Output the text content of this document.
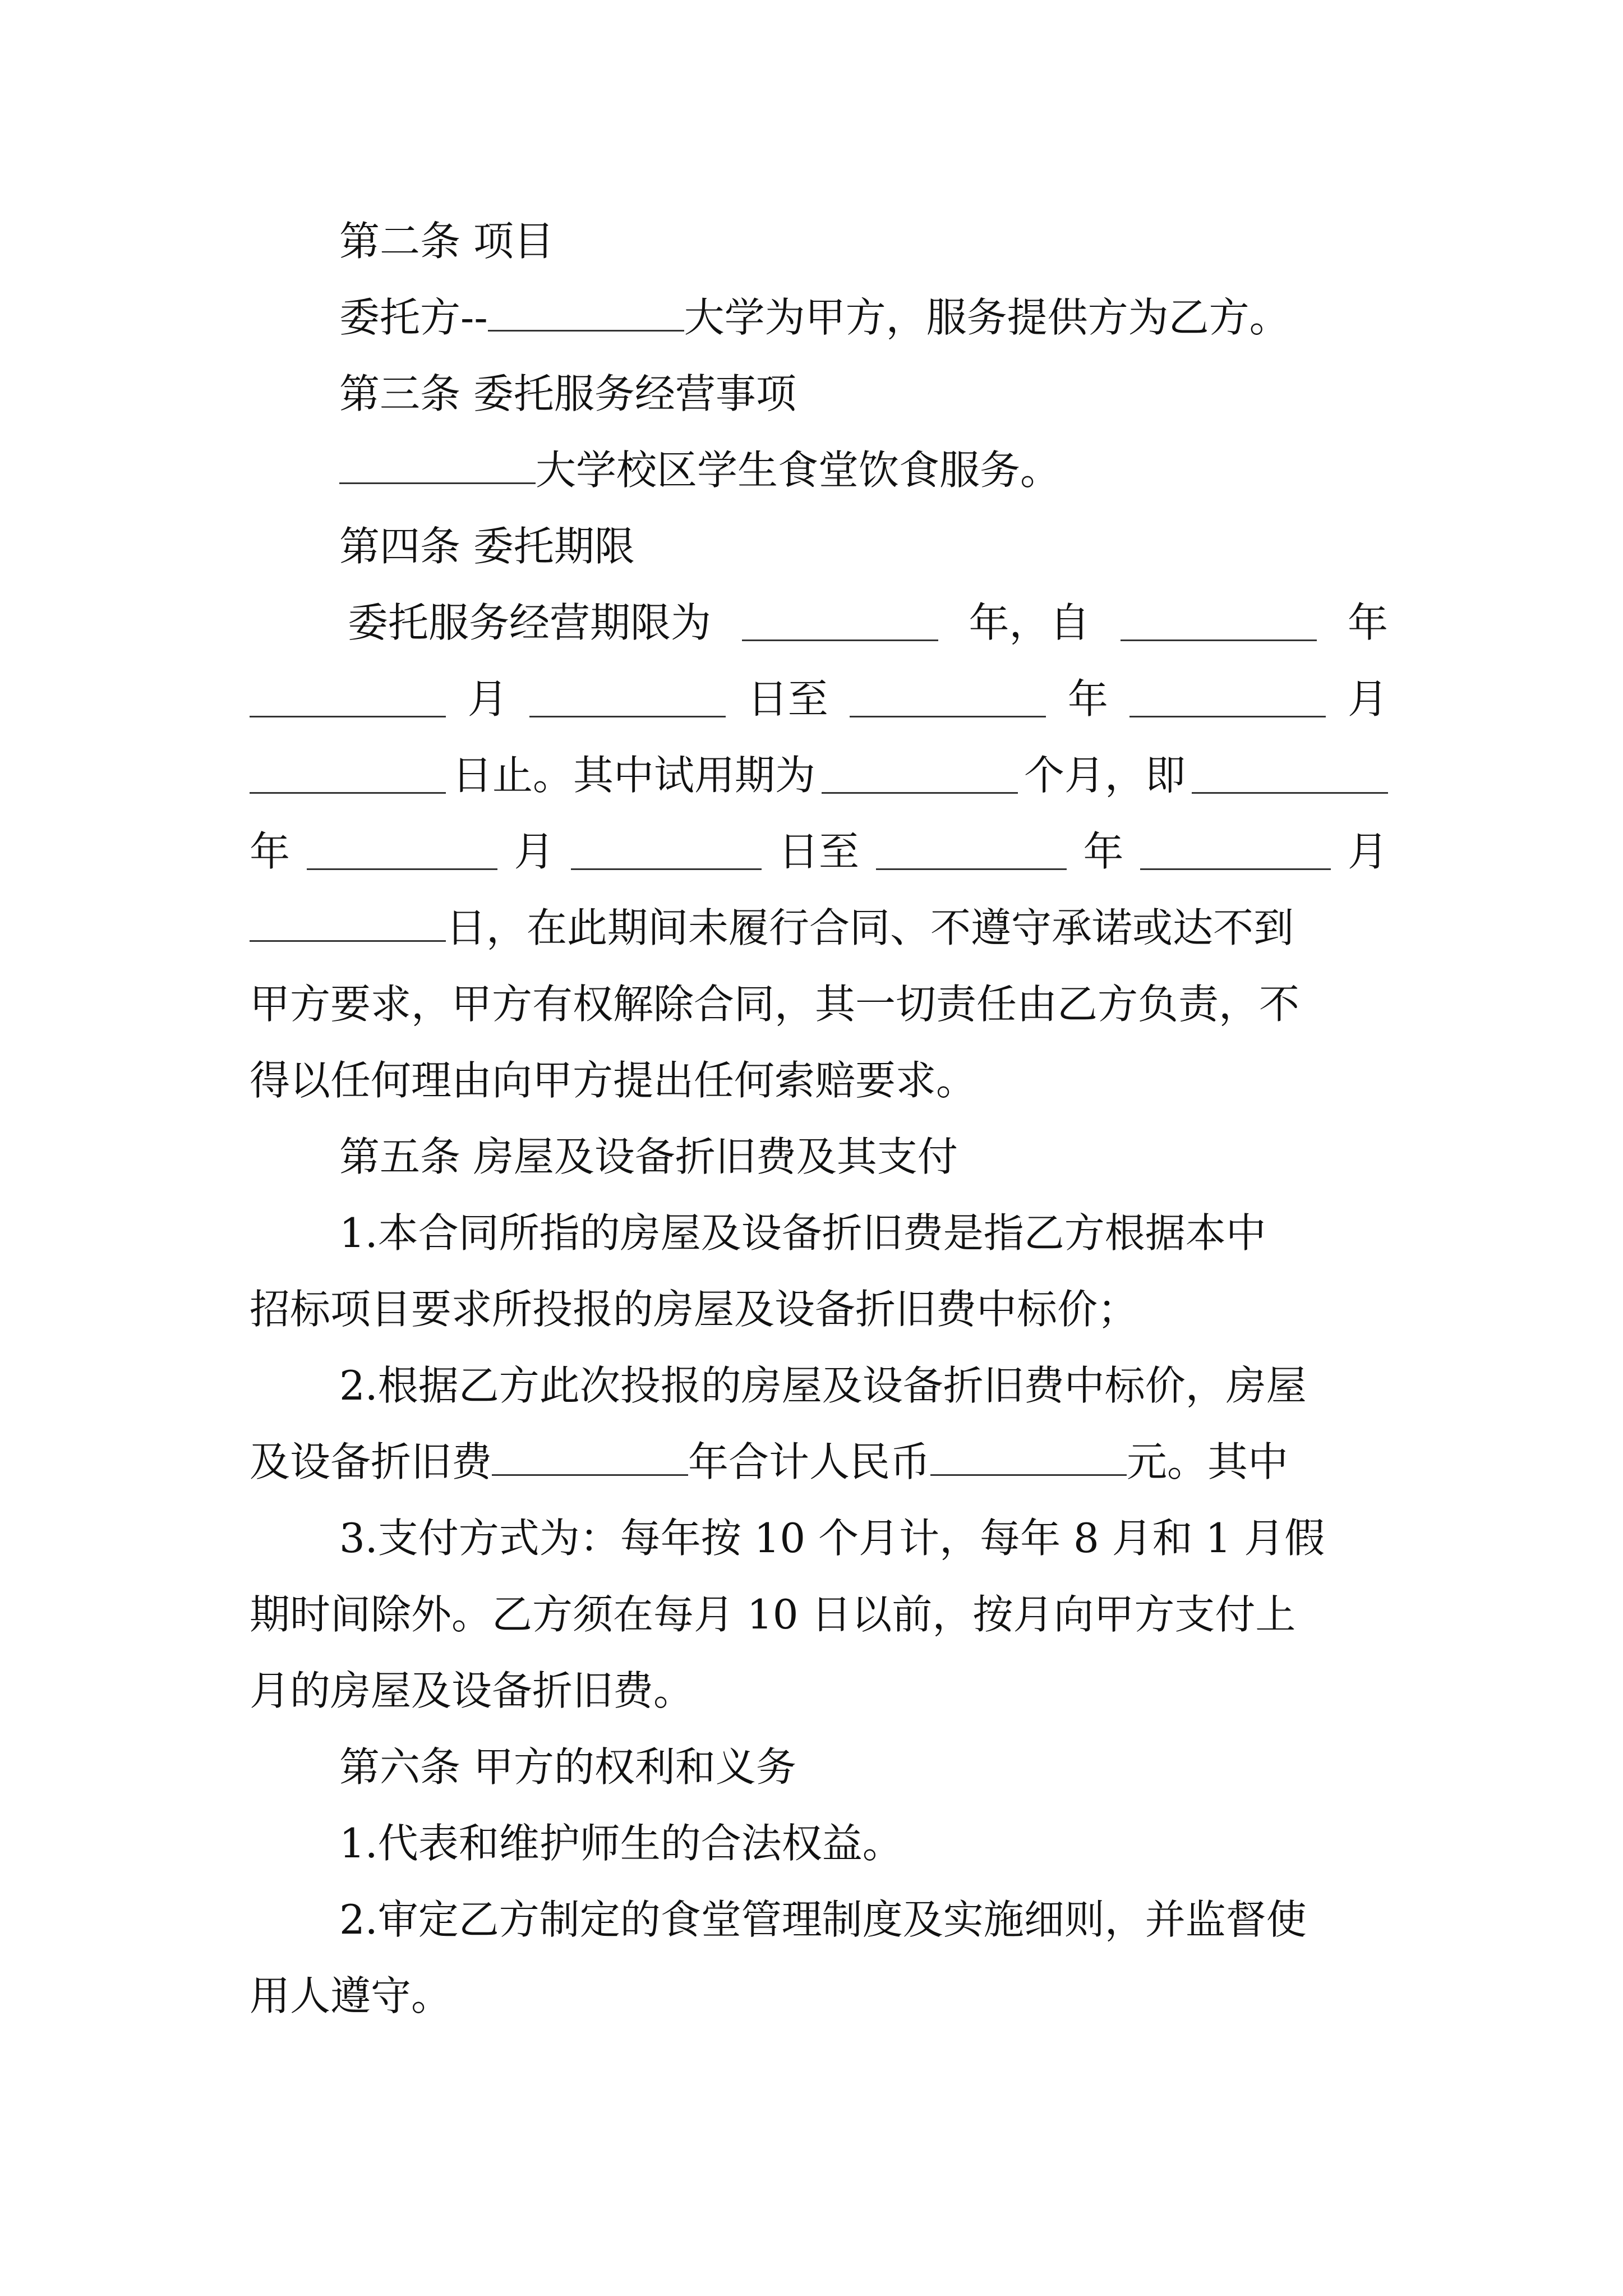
第二条 项目
委托方--	大学为甲方，服务提供方为乙方。
第三条 委托服务经营事项
大学校区学生食堂饮食服务。
第四条 委托期限
委托服务经营期限为	年，自	年
月	日至	年	月
日止。其中试用期为	个月，即
年	月	日至	年	月
日，在此期间未履行合同、不遵守承诺或达不到
甲方要求，甲方有权解除合同，其一切责任由乙方负责，不
得以任何理由向甲方提出任何索赔要求。
第五条 房屋及设备折旧费及其支付
1.本合同所指的房屋及设备折旧费是指乙方根据本中
招标项目要求所投报的房屋及设备折旧费中标价；
2.根据乙方此次投报的房屋及设备折旧费中标价，房屋
及设备折旧费	年合计人民币	元。其中
3.支付方式为：每年按 10 个月计，每年 8 月和 1 月假
期时间除外。乙方须在每月 10 日以前，按月向甲方支付上
月的房屋及设备折旧费。
第六条 甲方的权利和义务
1.代表和维护师生的合法权益。
2.审定乙方制定的食堂管理制度及实施细则，并监督使
用人遵守。
